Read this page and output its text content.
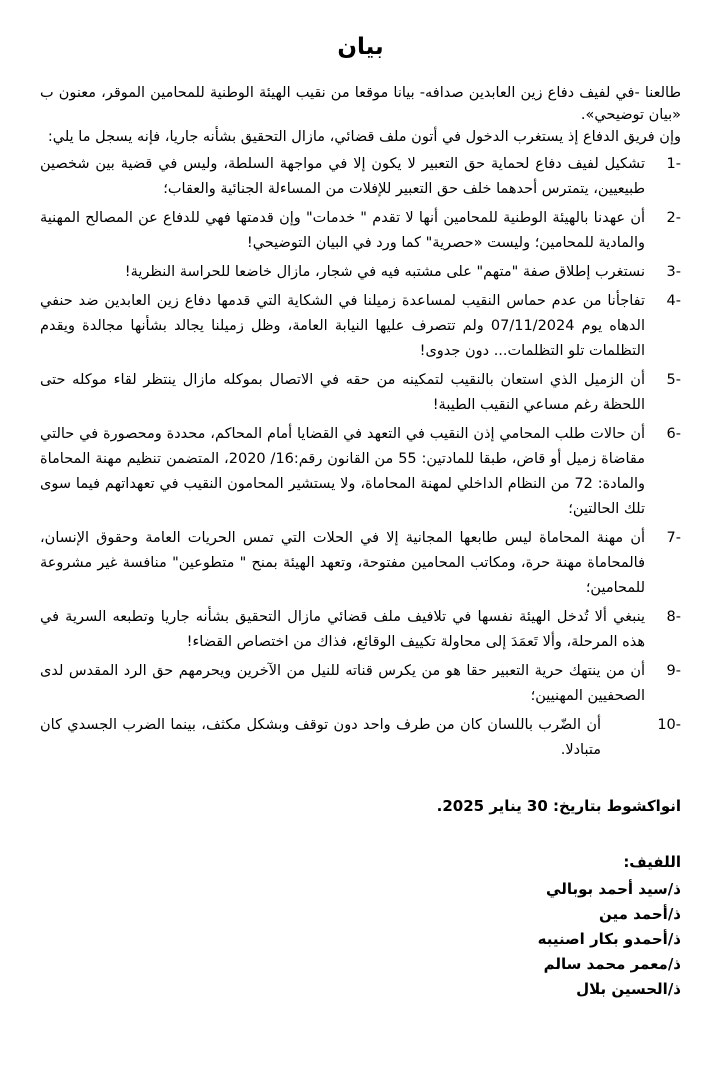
بيان

طالعنا -في لفيف دفاع زين العابدين صدافه- بيانا موقعا من نقيب الهيئة الوطنية للمحامين الموقر، معنون ب «بيان توضيحي».

وإن فريق الدفاع إذ يستغرب الدخول في أتون ملف قضائي، مازال التحقيق بشأنه جاريا، فإنه يسجل ما يلي:

1-
تشكيل لفيف دفاع لحماية حق التعبير لا يكون إلا في مواجهة السلطة، وليس في قضية بين شخصين طبيعيين، يتمترس أحدهما خلف حق التعبير للإفلات من المساءلة الجنائية والعقاب؛
2-
أن عهدنا بالهيئة الوطنية للمحامين أنها لا تقدم " خدمات" وإن قدمتها فهي للدفاع عن المصالح المهنية والمادية للمحامين؛ وليست «حصرية" كما ورد في البيان التوضيحي!
3-
نستغرب إطلاق صفة "متهم" على مشتبه فيه في شجار، مازال خاضعا للحراسة النظرية!
4-
تفاجأنا من عدم حماس النقيب لمساعدة زميلنا في الشكاية التي قدمها دفاع زين العابدين ضد حنفي الدهاه يوم 07/11/2024 ولم تتصرف عليها النيابة العامة، وظل زميلنا يجالد بشأنها مجالدة ويقدم التظلمات تلو التظلمات... دون جدوى!
5-
أن الزميل الذي استعان بالنقيب لتمكينه من حقه في الاتصال بموكله مازال ينتظر لقاء موكله حتى اللحظة رغم مساعي النقيب الطيبة!
6-
أن حالات طلب المحامي إذن النقيب في التعهد في القضايا أمام المحاكم، محددة ومحصورة في حالتي مقاضاة زميل أو قاض، طبقا للمادتين: 55 من القانون رقم:16/ 2020، المتضمن تنظيم مهنة المحاماة والمادة: 72 من النظام الداخلي لمهنة المحاماة، ولا يستشير المحامون النقيب في تعهداتهم فيما سوى تلك الحالتين؛
7-
أن مهنة المحاماة ليس طابعها المجانية إلا في الحلات التي تمس الحريات العامة وحقوق الإنسان، فالمحاماة مهنة حرة، ومكاتب المحامين مفتوحة، وتعهد الهيئة بمنح " متطوعين" منافسة غير مشروعة للمحامين؛
8-
ينبغي ألا تُدخل الهيئة نفسها في تلافيف ملف قضائي مازال التحقيق بشأنه جاريا وتطبعه السرية في هذه المرحلة، وألا تَعمَدَ إلى محاولة تكييف الوقائع، فذاك من اختصاص القضاء!
9-
أن من ينتهك حرية التعبير حقا هو من يكرس قناته للنيل من الآخرين ويحرمهم حق الرد المقدس لدى الصحفيين المهنيين؛
10-
أن الضّرب باللسان كان من طرف واحد دون توقف وبشكل مكثف، بينما الضرب الجسدي كان متبادلا.
انواكشوط بتاريخ: 30 يناير 2025.
اللفيف:
ذ/سيد أحمد بوبالي
ذ/أحمد مين
ذ/أحمدو بكار اصنيبه
ذ/معمر محمد سالم
ذ/الحسين بلال
